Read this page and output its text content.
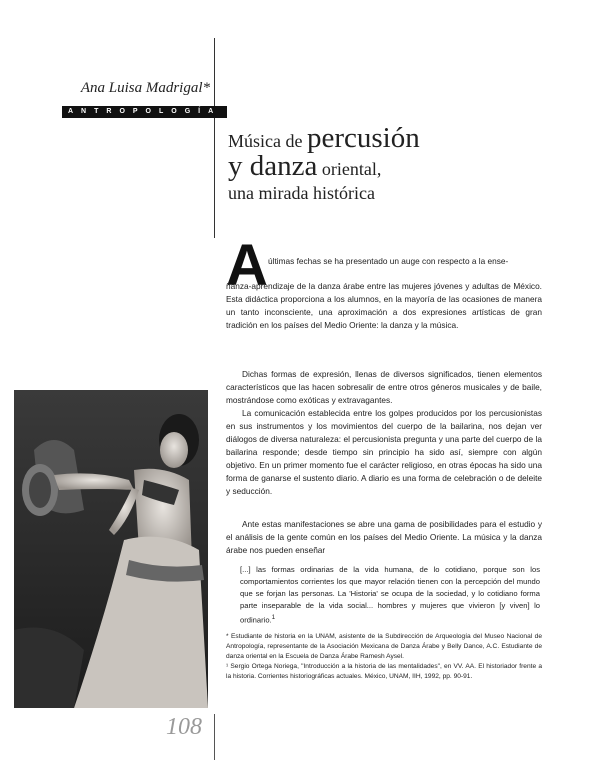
Ana Luisa Madrigal*
ANTROPOLOGÍA
Música de percusión
y danza oriental,
una mirada histórica
A últimas fechas se ha presentado un auge con respecto a la ense-
ñanza-aprendizaje de la danza árabe entre las mujeres jóvenes y adultas de México. Esta didáctica proporciona a los alumnos, en la mayoría de las ocasiones de manera un tanto inconsciente, una aproximación a dos expresiones artísticas de gran tradición en los países del Medio Oriente: la danza y la música.
Dichas formas de expresión, llenas de diversos significados, tienen elementos característicos que las hacen sobresalir de entre otros géneros musicales y de baile, mostrándose como exóticas y extravagantes.
La comunicación establecida entre los golpes producidos por los percusionistas en sus instrumentos y los movimientos del cuerpo de la bailarina, nos dejan ver diálogos de diversa naturaleza: el percusionista pregunta y una parte del cuerpo de la bailarina responde; desde tiempo sin principio ha sido así, siempre con algún objetivo. En un primer momento fue el carácter religioso, en otras épocas ha sido una forma de ganarse el sustento diario. A diario es una forma de celebración o de deleite y seducción.
Ante estas manifestaciones se abre una gama de posibilidades para el estudio y el análisis de la gente común en los países del Medio Oriente. La música y la danza árabe nos pueden enseñar
[...] las formas ordinarias de la vida humana, de lo cotidiano, porque son los comportamientos corrientes los que mayor relación tienen con la percepción del mundo que se forjan las personas. La 'Historia' se ocupa de la sociedad, y lo cotidiano forma parte inseparable de la vida social... hombres y mujeres que vivieron [y viven] lo ordinario.$^1$

* Estudiante de historia en la UNAM, asistente de la Subdirección de Arqueología del Museo Nacional de Antropología, representante de la Asociación Mexicana de Danza Árabe y Belly Dance, A.C. Estudiante de danza oriental en la Escuela de Danza Árabe Ramesh Aysel.

¹ Sergio Ortega Noriega, "Introducción a la historia de las mentalidades", en VV. AA. El historiador frente a la historia. Corrientes historiográficas actuales. México, UNAM, IIH, 1992, pp. 90-91.

108
